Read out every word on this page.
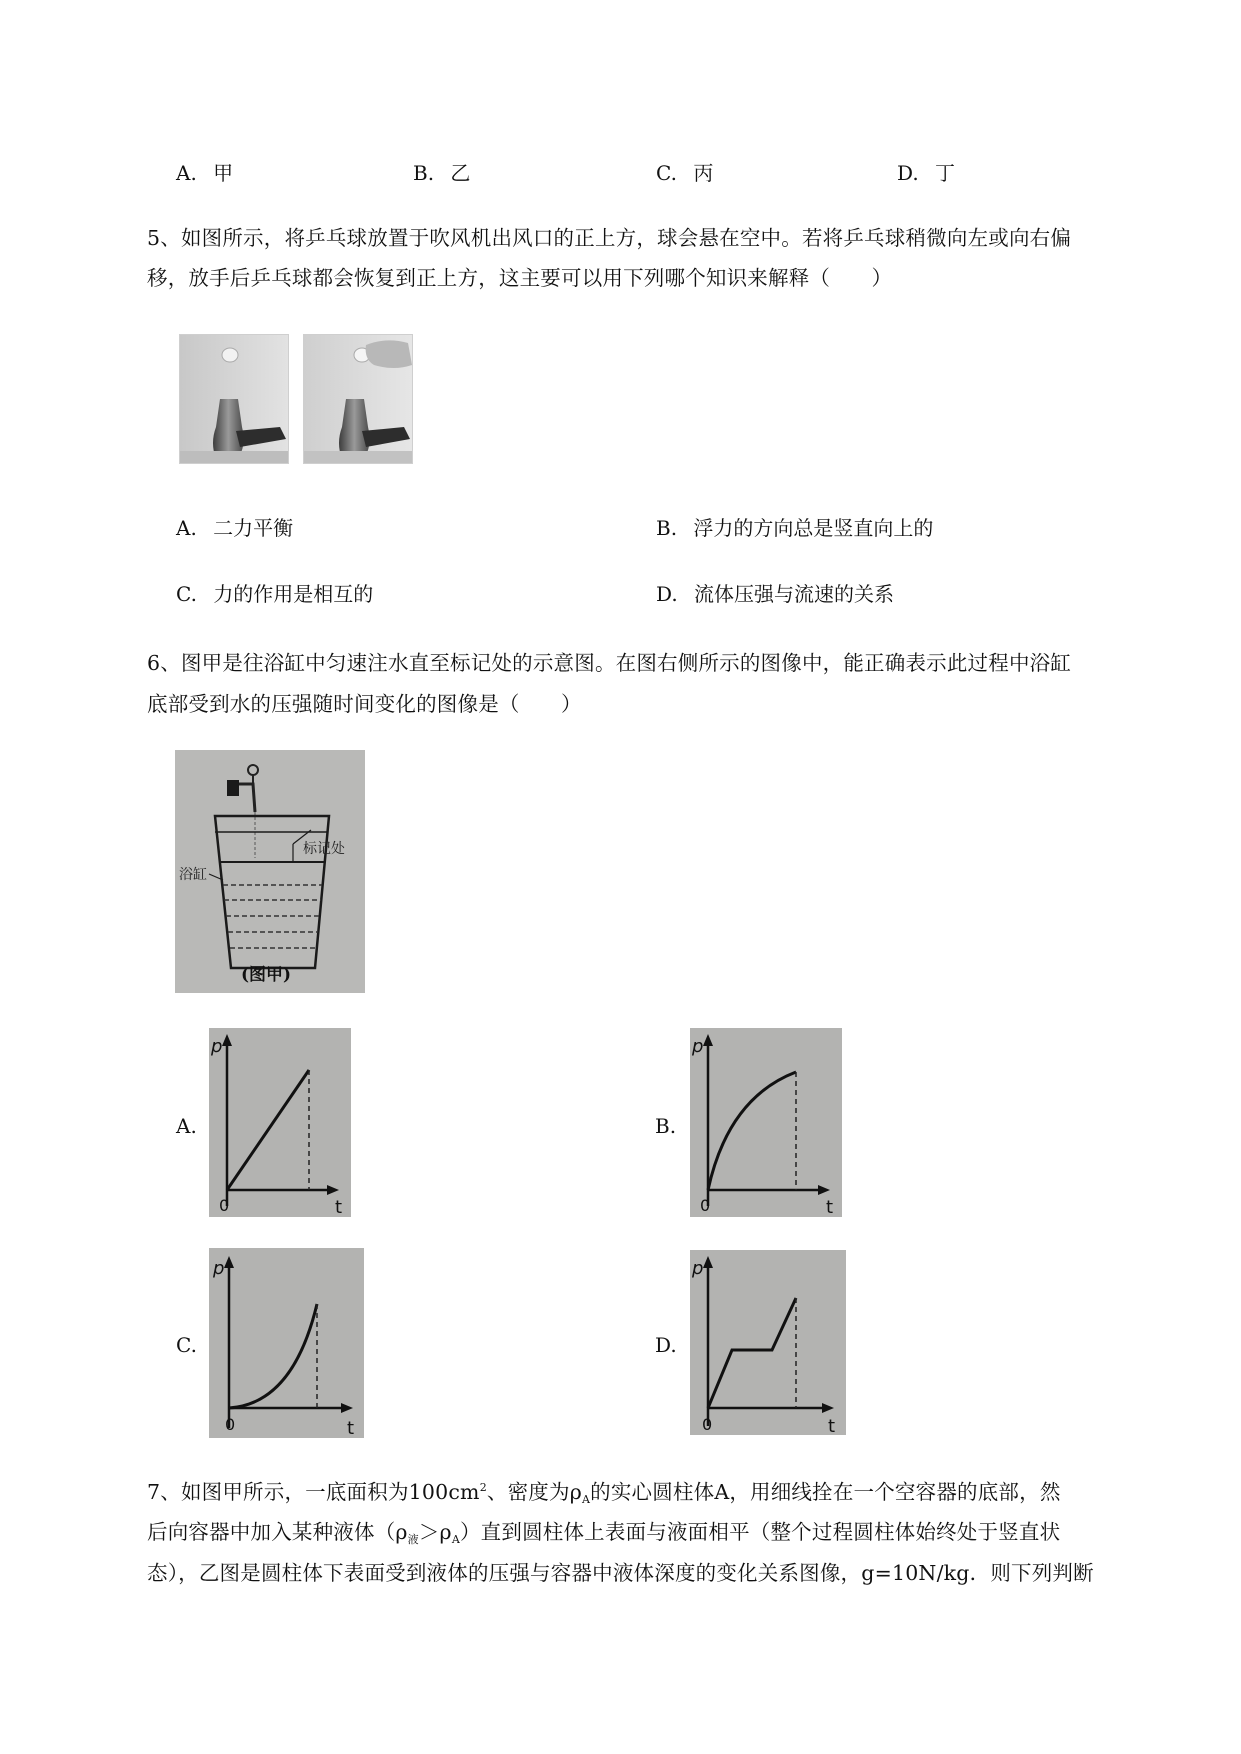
A. 甲	B. 乙	C. 丙	D. 丁
5、如图所示，将乒乓球放置于吹风机出风口的正上方，球会悬在空中。若将乒乓球稍微向左或向右偏
移，放手后乒乓球都会恢复到正上方，这主要可以用下列哪个知识来解释（　　）
A. 二力平衡	B. 浮力的方向总是竖直向上的
C. 力的作用是相互的	D. 流体压强与流速的关系
6、图甲是往浴缸中匀速注水直至标记处的示意图。在图右侧所示的图像中，能正确表示此过程中浴缸
底部受到水的压强随时间变化的图像是（　　）
标记处
浴缸
(图甲)
A.	B.
C.	D.
p
t
0
p
t
0
p
t
0
p
t
0
7、如图甲所示，一底面积为$100cm^2$、密度为$\rho_A$的实心圆柱体A，用细线拴在一个空容器的底部，然
后向容器中加入某种液体$(\rho_液>\rho_A)$直到圆柱体上表面与液面相平（整个过程圆柱体始终处于竖直状
态），乙图是圆柱体下表面受到液体的压强与容器中液体深度的变化关系图像，g=10N/kg．则下列判断
